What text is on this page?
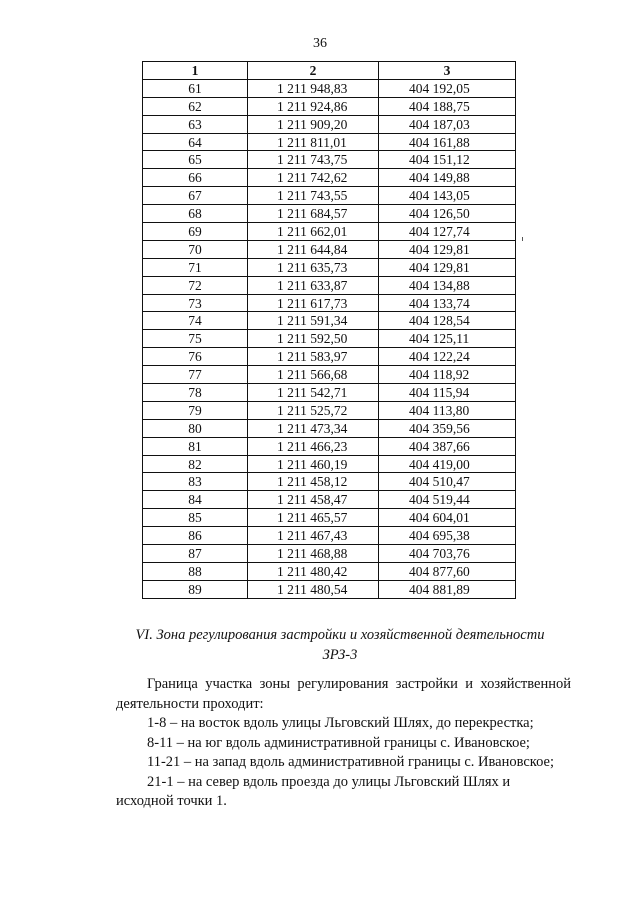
36
1	2	3
61	1 211 948,83	404 192,05
62	1 211 924,86	404 188,75
63	1 211 909,20	404 187,03
64	1 211 811,01	404 161,88
65	1 211 743,75	404 151,12
66	1 211 742,62	404 149,88
67	1 211 743,55	404 143,05
68	1 211 684,57	404 126,50
69	1 211 662,01	404 127,74
70	1 211 644,84	404 129,81
71	1 211 635,73	404 129,81
72	1 211 633,87	404 134,88
73	1 211 617,73	404 133,74
74	1 211 591,34	404 128,54
75	1 211 592,50	404 125,11
76	1 211 583,97	404 122,24
77	1 211 566,68	404 118,92
78	1 211 542,71	404 115,94
79	1 211 525,72	404 113,80
80	1 211 473,34	404 359,56
81	1 211 466,23	404 387,66
82	1 211 460,19	404 419,00
83	1 211 458,12	404 510,47
84	1 211 458,47	404 519,44
85	1 211 465,57	404 604,01
86	1 211 467,43	404 695,38
87	1 211 468,88	404 703,76
88	1 211 480,42	404 877,60
89	1 211 480,54	404 881,89
VI. Зона регулирования застройки и хозяйственной деятельности
ЗРЗ-3

Граница участка зоны регулирования застройки и хозяйственной деятельности проходит:

1-8 – на восток вдоль улицы Льговский Шлях, до перекрестка;

8-11 – на юг вдоль административной границы с. Ивановское;

11-21 – на запад вдоль административной границы с. Ивановское;

21-1 – на север вдоль проезда до улицы Льговский Шлях и исходной точки 1.
